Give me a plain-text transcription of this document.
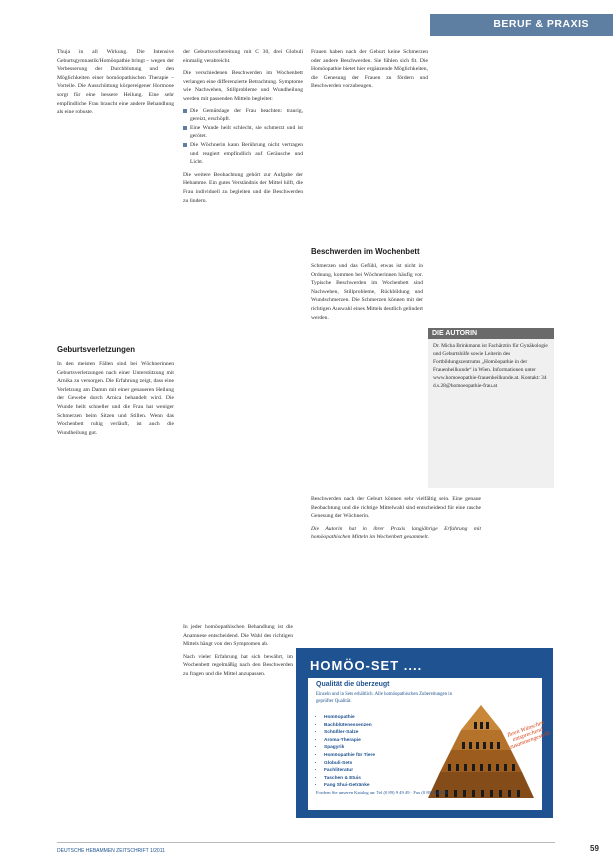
BERUF & PRAXIS

Thuja in all Wirkung. Die Intensive Geburtsgymnastik/Homöopathie bringt – wegen der Verbesserung der Durchblutung und den Möglichkeiten einer homöopathischen Therapie – Vorteile. Die Ausschüttung körpereigener Hormone sorgt für eine bessere Heilung. Eine sehr empfindliche Frau braucht eine andere Behandlung als eine robuste.

Geburtsverletzungen

In den meisten Fällen sind bei Wöchnerinnen Geburtsverletzungen nach einer Unterstützung mit Arnika zu versorgen. Die Erfahrung zeigt, dass eine Verletzung am Damm mit einer genaueren Heilung der Gewebe durch Arnica behandelt wird. Die Wunde heilt schneller und die Frau hat weniger Schmerzen beim Sitzen und Stillen. Wenn das Wochenbett ruhig verläuft, ist auch die Wundheilung gut.

der Geburtsvorbereitung mit C 30, drei Globuli einmalig verabreicht.

Die verschiedenen Beschwerden im Wochenbett verlangen eine differenzierte Betrachtung. Symptome wie Nachwehen, Stillprobleme und Wundheilung werden mit passenden Mitteln begleitet:

Die Gemütslage der Frau beachten: traurig, gereizt, erschöpft.

Eine Wunde heilt schlecht, sie schmerzt und ist gerötet.

Die Wöchnerin kann Berührung nicht vertragen und reagiert empfindlich auf Geräusche und Licht.

Die weitere Beobachtung gehört zur Aufgabe der Hebamme. Ein gutes Verständnis der Mittel hilft, die Frau individuell zu begleiten und die Beschwerden zu lindern.

In jeder homöopathischen Behandlung ist die Anamnese entscheidend. Die Wahl des richtigen Mittels hängt von den Symptomen ab.

Nach vieler Erfahrung hat sich bewährt, im Wochenbett regelmäßig nach den Beschwerden zu fragen und die Mittel anzupassen.

Frauen haben nach der Geburt keine Schmerzen oder andere Beschwerden. Sie fühlen sich fit. Die Homöopathie bietet hier ergänzende Möglichkeiten, die Genesung der Frauen zu fördern und Beschwerden vorzubeugen.

Beschwerden im Wochenbett

Schmerzen und das Gefühl, etwas ist nicht in Ordnung, kommen bei Wöchnerinnen häufig vor. Typische Beschwerden im Wochenbett sind Nachwehen, Stillprobleme, Rückbildung und Wundschmerzen. Die Schmerzen können mit der richtigen Auswahl eines Mittels deutlich gelindert werden.

Beschwerden nach der Geburt können sehr vielfältig sein. Eine genaue Beobachtung und die richtige Mittelwahl sind entscheidend für eine rasche Genesung der Wöchnerin.

Die Autorin hat in ihrer Praxis langjährige Erfahrung mit homöopathischen Mitteln im Wochenbett gesammelt.

DIE AUTORIN
Dr. Micha Brinkmann ist Fachärztin für Gynäkologie und Geburtshilfe sowie Leiterin des Fortbildungszentrums „Homöopathie in der Frauenheilkunde“ in Wien. Informationen unter www.homoeopathie-frauenheilkunde.at. Kontakt: 34 d.s.28@homoeopathie-frau.at
HOMÖO-SET ....
Qualität die überzeugt
Einzeln und in Sets erhältlich. Alle homöopathischen Zubereitungen in geprüfter Qualität.
• Homöopathie
• Bachblütenessenzen
• Schüßler-Salze
• Aroma-Therapie
• Spagyrik
• Homöopathie für Tiere
• Globuli-Sets
• Fachliteratur
• Taschen & Etuis
• Fang Shui-Getränke
Ihren Wünschen entsprechend zusammengestellt
Fordern Sie unseren Katalog an: Tel (0 89) 9 49 49 · Fax (0 89) 9 49 50
DEUTSCHE HEBAMMEN ZEITSCHRIFT 1/2011	59
